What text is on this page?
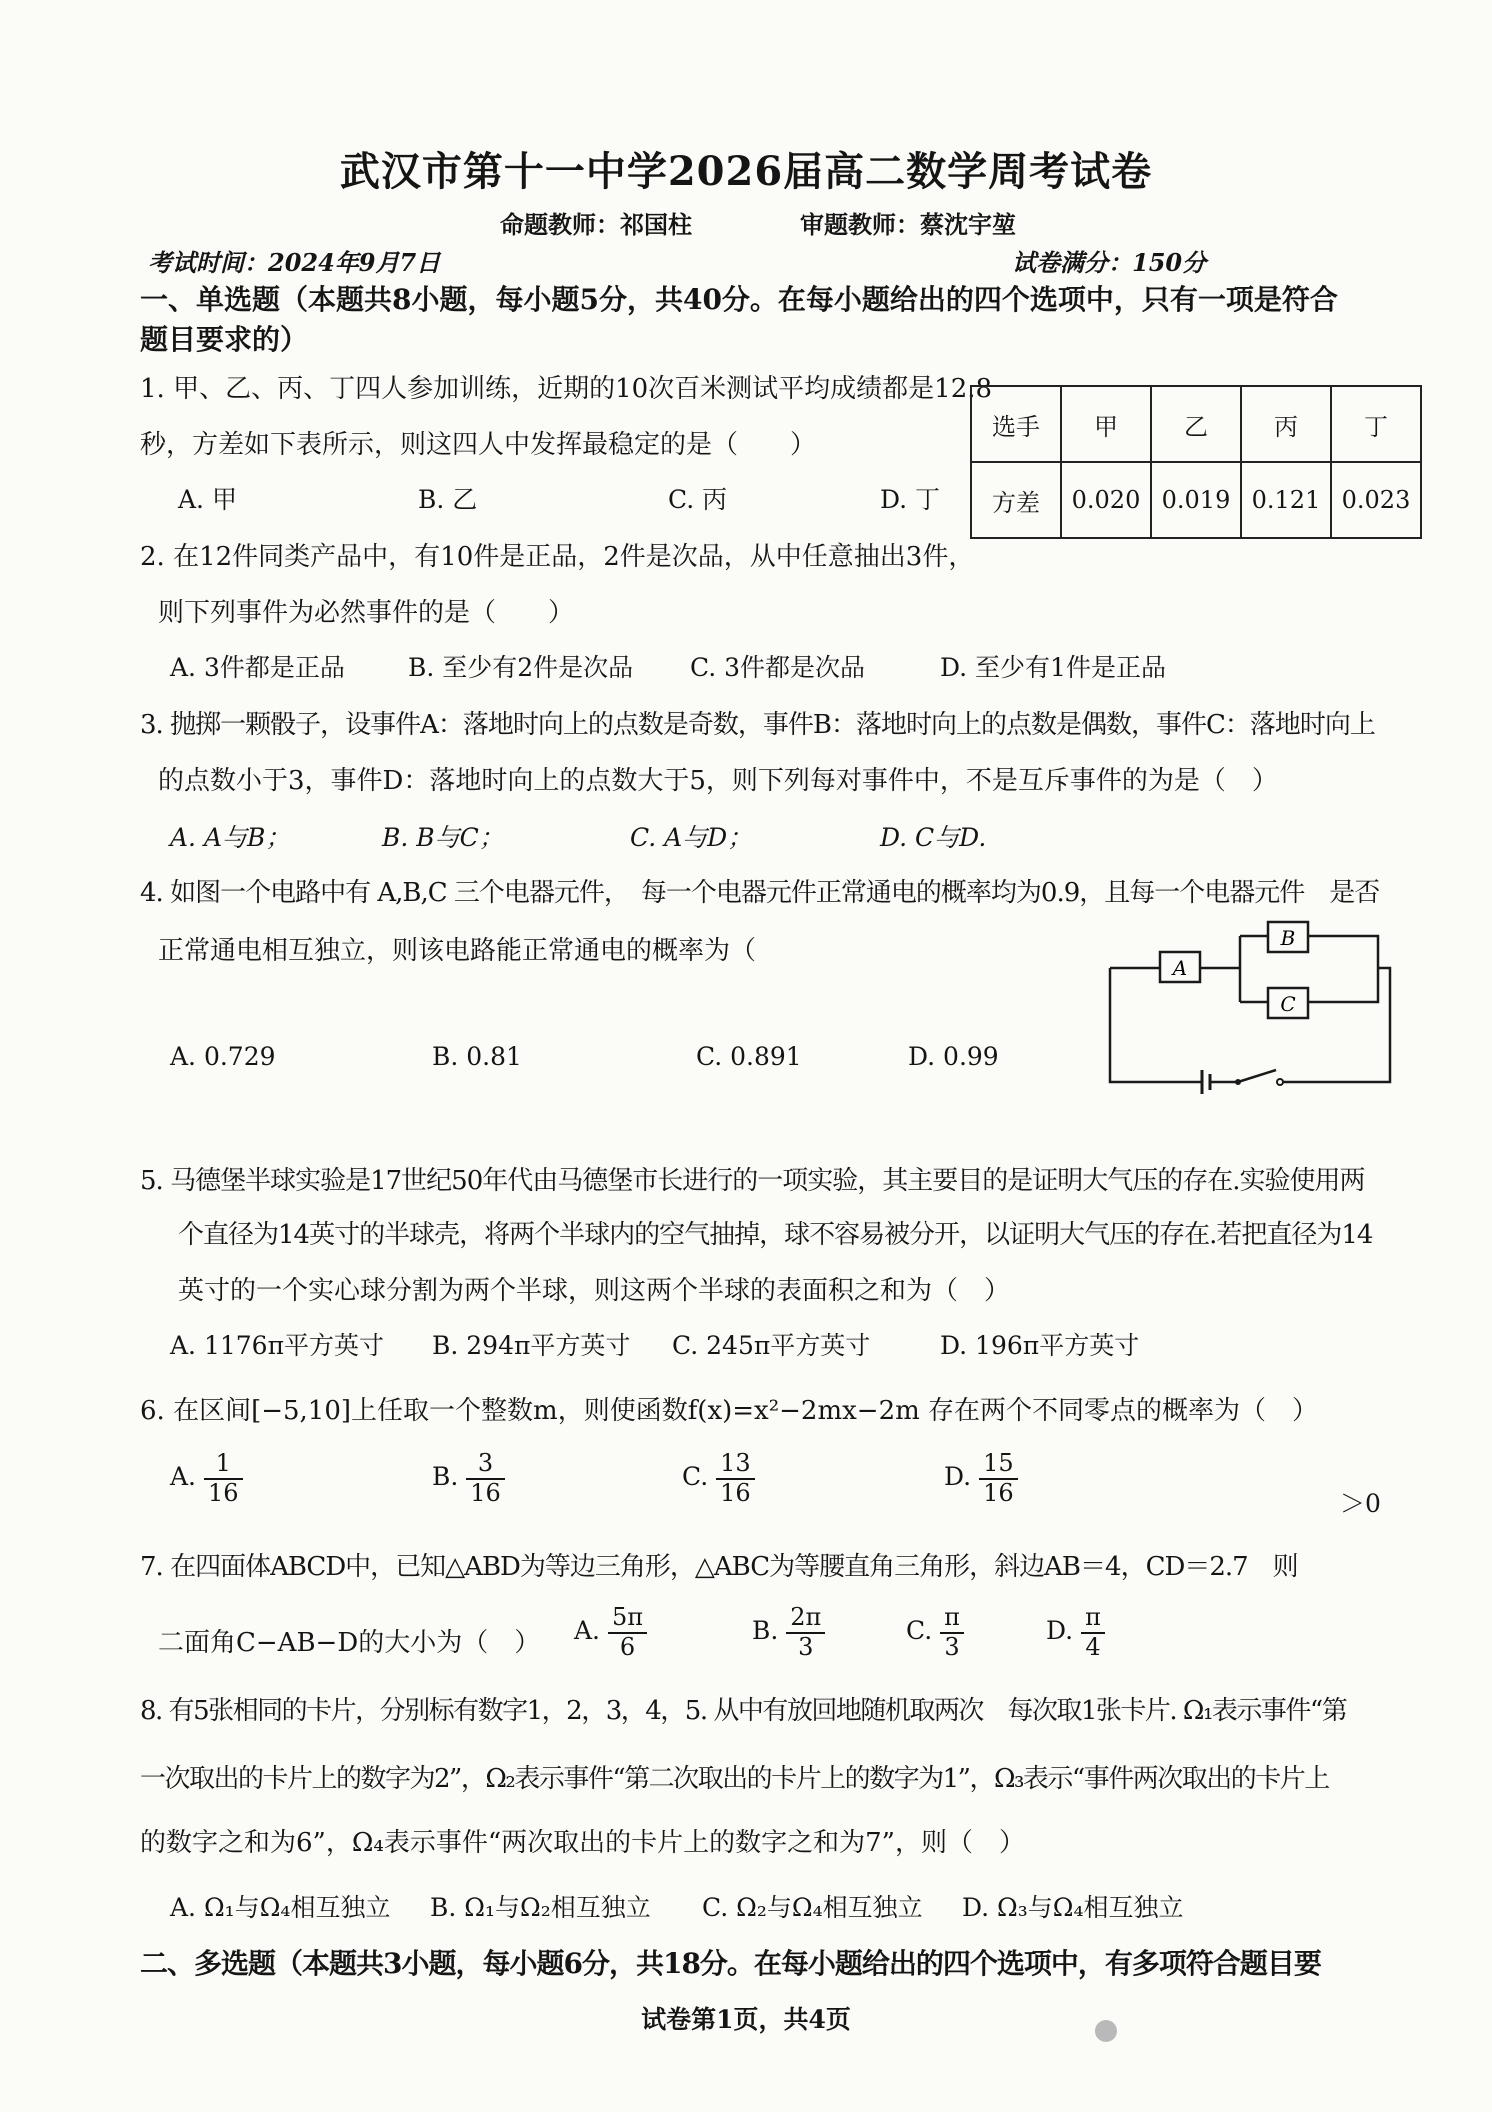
武汉市第十一中学2026届高二数学周考试卷
命题教师：祁国柱	审题教师：蔡沈宇堃
考试时间：2024年9月7日	试卷满分：150分
一、单选题（本题共8小题，每小题5分，共40分。在每小题给出的四个选项中，只有一项是符合
题目要求的）
1. 甲、乙、丙、丁四人参加训练，近期的10次百米测试平均成绩都是12.8
秒，方差如下表所示，则这四人中发挥最稳定的是（　　）
A. 甲	B. 乙	C. 丙	D. 丁
选手	甲	乙	丙	丁
方差	0.020	0.019	0.121	0.023
2. 在12件同类产品中，有10件是正品，2件是次品，从中任意抽出3件，
则下列事件为必然事件的是（　　）
A. 3件都是正品	B. 至少有2件是次品 C. 3件都是次品	D. 至少有1件是正品
3. 抛掷一颗骰子，设事件A：落地时向上的点数是奇数，事件B：落地时向上的点数是偶数，事件C：落地时向上
的点数小于3，事件D：落地时向上的点数大于5，则下列每对事件中，不是互斥事件的为是（　）
A. A与B；	B. B与C；	C. A与D；	D. C与D.
4. 如图一个电路中有 A,B,C 三个电器元件，　每一个电器元件正常通电的概率均为0.9，且每一个电器元件　是否
正常通电相互独立，则该电路能正常通电的概率为（
A. 0.729	B. 0.81	C. 0.891	D. 0.99
A
B
C
5. 马德堡半球实验是17世纪50年代由马德堡市长进行的一项实验，其主要目的是证明大气压的存在.实验使用两
个直径为14英寸的半球壳，将两个半球内的空气抽掉，球不容易被分开，以证明大气压的存在.若把直径为14
英寸的一个实心球分割为两个半球，则这两个半球的表面积之和为（　）
A. 1176π平方英寸 B. 294π平方英寸 C. 245π平方英寸	D. 196π平方英寸
6. 在区间[−5,10]上任取一个整数m，则使函数f(x)=x²−2mx−2m 存在两个不同零点的概率为（　）
A. $\frac{1}{16}$	B. $\frac{3}{16}$	C. $\frac{13}{16}$	D. $\frac{15}{16}$	＞0
7. 在四面体ABCD中，已知△ABD为等边三角形，△ABC为等腰直角三角形，斜边AB＝4，CD＝2.7　则
二面角C−AB−D的大小为（　） A. $\frac{5\pi}{6}$	B. $\frac{2\pi}{3}$	C. $\frac{\pi}{3}$	D. $\frac{\pi}{4}$
8. 有5张相同的卡片，分别标有数字1，2，3，4，5. 从中有放回地随机取两次　每次取1张卡片. Ω₁表示事件“第
一次取出的卡片上的数字为2”，Ω₂表示事件“第二次取出的卡片上的数字为1”，Ω₃表示“事件两次取出的卡片上
的数字之和为6”，Ω₄表示事件“两次取出的卡片上的数字之和为7”，则（　）
A. Ω₁与Ω₄相互独立 B. Ω₁与Ω₂相互独立 C. Ω₂与Ω₄相互独立 D. Ω₃与Ω₄相互独立
二、多选题（本题共3小题，每小题6分，共18分。在每小题给出的四个选项中，有多项符合题目要
试卷第1页，共4页
